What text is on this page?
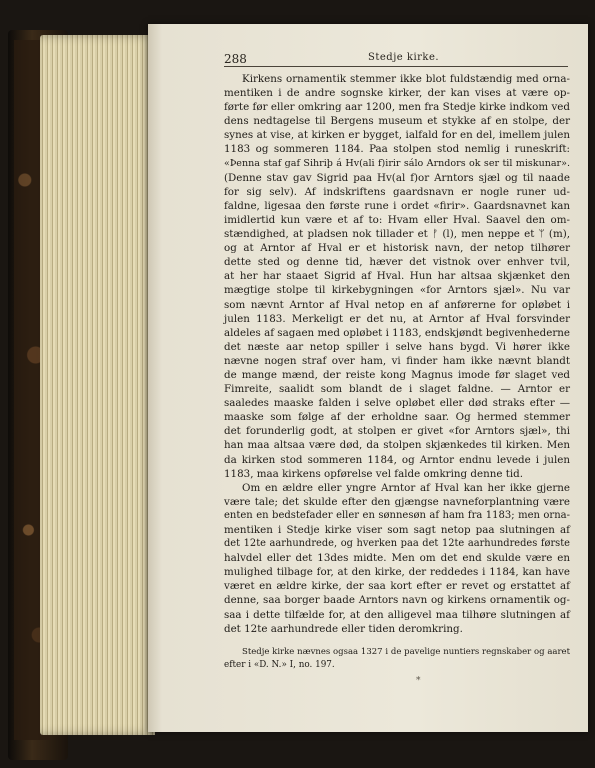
288	Stedje kirke.
Kirkens ornamentik stemmer ikke blot fuldstændig med orna-
mentiken i de andre sognske kirker, der kan vises at være op-
førte før eller omkring aar 1200, men fra Stedje kirke indkom ved
dens nedtagelse til Bergens museum et stykke af en stolpe, der
synes at vise, at kirken er bygget, ialfald for en del, imellem julen
1183 og sommeren 1184. Paa stolpen stod nemlig i runeskrift:
«Þenna staf gaf Sihriþ á Hv(ali f)irir sálo Arndors ok ser til miskunar».
(Denne stav gav Sigrid paa Hv(al f)or Arntors sjæl og til naade
for sig selv). Af indskriftens gaardsnavn er nogle runer ud-
faldne, ligesaa den første rune i ordet «firir». Gaardsnavnet kan
imidlertid kun være et af to: Hvam eller Hval. Saavel den om-
stændighed, at pladsen nok tillader et ᚠ (l), men neppe et ᛘ (m),
og at Arntor af Hval er et historisk navn, der netop tilhører
dette sted og denne tid, hæver det vistnok over enhver tvil,
at her har staaet Sigrid af Hval. Hun har altsaa skjænket den
mægtige stolpe til kirkebygningen «for Arntors sjæl». Nu var
som nævnt Arntor af Hval netop en af anførerne for opløbet i
julen 1183. Merkeligt er det nu, at Arntor af Hval forsvinder
aldeles af sagaen med opløbet i 1183, endskjøndt begivenhederne
det næste aar netop spiller i selve hans bygd. Vi hører ikke
nævne nogen straf over ham, vi finder ham ikke nævnt blandt
de mange mænd, der reiste kong Magnus imode før slaget ved
Fimreite, saalidt som blandt de i slaget faldne. — Arntor er
saaledes maaske falden i selve opløbet eller død straks efter —
maaske som følge af der erholdne saar. Og hermed stemmer
det forunderlig godt, at stolpen er givet «for Arntors sjæl», thi
han maa altsaa være død, da stolpen skjænkedes til kirken. Men
da kirken stod sommeren 1184, og Arntor endnu levede i julen
1183, maa kirkens opførelse vel falde omkring denne tid.
Om en ældre eller yngre Arntor af Hval kan her ikke gjerne
være tale; det skulde efter den gjængse navneforplantning være
enten en bedstefader eller en sønnesøn af ham fra 1183; men orna-
mentiken i Stedje kirke viser som sagt netop paa slutningen af
det 12te aarhundrede, og hverken paa det 12te aarhundredes første
halvdel eller det 13des midte. Men om det end skulde være en
mulighed tilbage for, at den kirke, der reddedes i 1184, kan have
været en ældre kirke, der saa kort efter er revet og erstattet af
denne, saa borger baade Arntors navn og kirkens ornamentik og-
saa i dette tilfælde for, at den alligevel maa tilhøre slutningen af
det 12te aarhundrede eller tiden deromkring.
Stedje kirke nævnes ogsaa 1327 i de pavelige nuntiers regnskaber og aaret
efter i «D. N.» I, no. 197.
*
